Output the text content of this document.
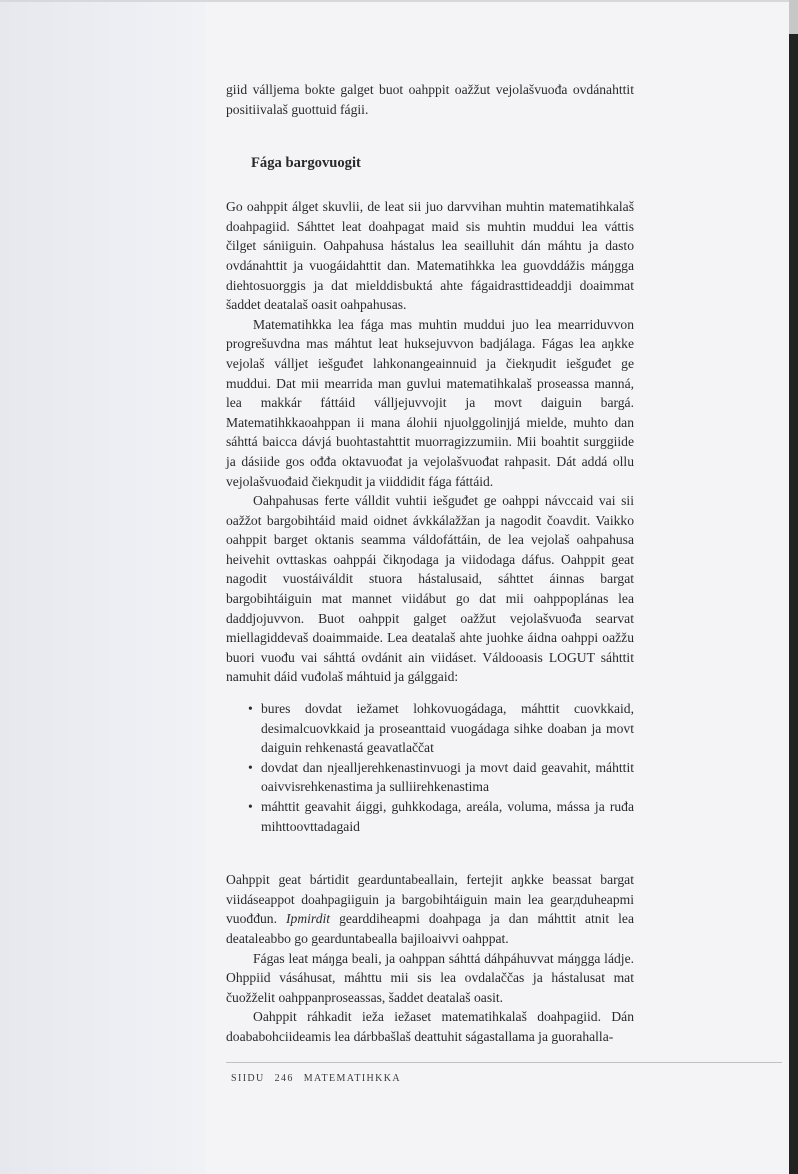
giid válljema bokte galget buot oahppit oažžut vejolašvuođa ovdánahttit positiivalaš guottuid fágii.

Fága bargovuogit

Go oahppit álget skuvlii, de leat sii juo darvvihan muhtin matematihkalaš doahpagiid. Sáhttet leat doahpagat maid sis muhtin muddui lea váttis čilget sániiguin. Oahpahusa hástalus lea seailluhit dán máhtu ja dasto ovdánahttit ja vuogáidahttit dan. Matematihkka lea guovddážis máŋgga diehtosuorggis ja dat mielddisbuktá ahte fágaidrasttideaddji doaimmat šaddet deatalaš oasit oahpahusas.

Matematihkka lea fága mas muhtin muddui juo lea mearriduvvon progrešuvdna mas máhtut leat huksejuvvon badjálaga. Fágas lea aŋkke vejolaš válljet iešguđet lahkonangeainnuid ja čiekŋudit iešguđet ge muddui. Dat mii mearrida man guvlui matematihkalaš proseassa manná, lea makkár fáttáid válljejuvvojit ja movt daiguin bargá. Matematihkkaoahppan ii mana álohii njuolggolinjjá mielde, muhto dan sáhttá baicca dávjá buohtastahttit muorragizzumiin. Mii boahtit surggiide ja dásiide gos ođđa oktavuođat ja vejolašvuođat rahpasit. Dát addá ollu vejolašvuođaid čiekŋudit ja viiddidit fága fáttáid.

Oahpahusas ferte válldit vuhtii iešguđet ge oahppi návccaid vai sii oažžot bargobihtáid maid oidnet ávkkálažžan ja nagodit čoavdit. Vaikko oahppit barget oktanis seamma váldofáttáin, de lea vejolaš oahpahusa heivehit ovttaskas oahppái čikŋodaga ja viidodaga dáfus. Oahppit geat nagodit vuostáiváldit stuora hástalusaid, sáhttet áinnas bargat bargobihtáiguin mat mannet viidábut go dat mii oahppoplánas lea daddjojuvvon. Buot oahppit galget oažžut vejolašvuođa searvat miellagiddevaš doaimmaide. Lea deatalaš ahte juohke áidna oahppi oažžu buori vuođu vai sáhttá ovdánit ain viidáset. Váldooasis LOGUT sáhttit namuhit dáid vuđolaš máhtuid ja gálggaid:

• bures dovdat iežamet lohkovuogádaga, máhttit cuovkkaid, desimalcuovkkaid ja proseanttaid vuogádaga sihke doaban ja movt daiguin rehkenastá geavatlaččat
• dovdat dan njealljerehkenastinvuogi ja movt daid geavahit, máhttit oaivvisrehkenastima ja sulliirehkenastima
• máhttit geavahit áiggi, guhkkodaga, areála, voluma, mássa ja ruđa mihttoovttadagaid

Oahppit geat bártidit gearduntabeallain, fertejit aŋkke beassat bargat viidáseappot doahpagiiguin ja bargobihtáiguin main lea gearдduheapmi vuođđun. Ipmirdit gearddiheapmi doahpaga ja dan máhttit atnit lea deataleabbo go gearduntabealla bajiloaivvi oahppat.

Fágas leat máŋga beali, ja oahppan sáhttá dáhpáhuvvat máŋgga ládje. Ohppiid vásáhusat, máhttu mii sis lea ovdalaččas ja hástalusat mat čuožželit oahppanproseassas, šaddet deatalaš oasit.

Oahppit ráhkadit ieža iežaset matematihkalaš doahpagiid. Dán doababohciideamis lea dárbbašlaš deattuhit ságastallama ja guorahalla-

SIIDU 246 MATEMATIHKKA
